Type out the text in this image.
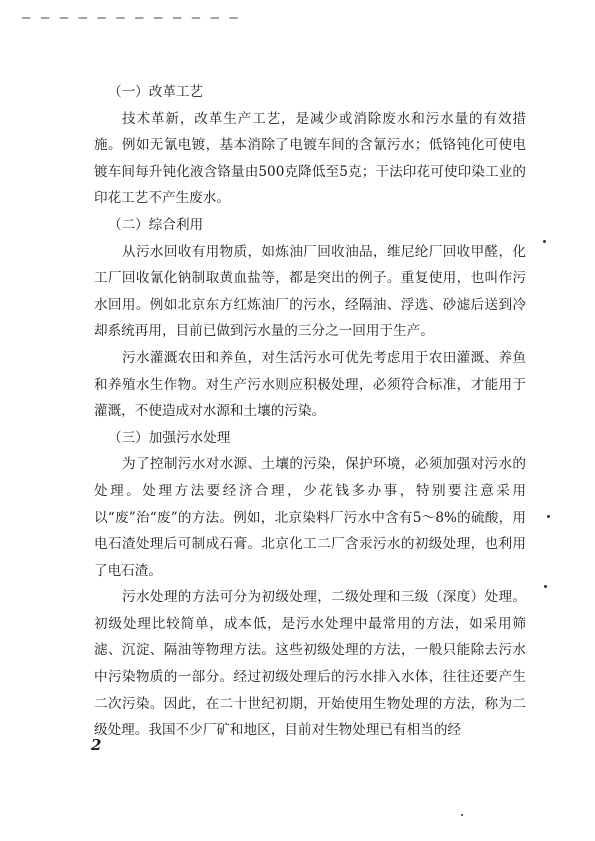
— — — — — — — — — — — —

（一）改革工艺

技术革新，改革生产工艺，是减少或消除废水和污水量的有效措施。例如无氰电镀，基本消除了电镀车间的含氰污水；低铬钝化可使电镀车间每升钝化液含铬量由500克降低至5克；干法印花可使印染工业的印花工艺不产生废水。

（二）综合利用

从污水回收有用物质，如炼油厂回收油品，维尼纶厂回收甲醛，化工厂回收氰化钠制取黄血盐等，都是突出的例子。重复使用，也叫作污水回用。例如北京东方红炼油厂的污水，经隔油、浮选、砂滤后送到冷却系统再用，目前已做到污水量的三分之一回用于生产。

污水灌溉农田和养鱼，对生活污水可优先考虑用于农田灌溉、养鱼和养殖水生作物。对生产污水则应积极处理，必须符合标准，才能用于灌溉，不使造成对水源和土壤的污染。

（三）加强污水处理

为了控制污水对水源、土壤的污染，保护环境，必须加强对污水的处理。处理方法要经济合理，少花钱多办事，特别要注意采用以“废”治“废”的方法。例如，北京染料厂污水中含有5～8%的硫酸，用电石渣处理后可制成石膏。北京化工二厂含汞污水的初级处理，也利用了电石渣。

污水处理的方法可分为初级处理，二级处理和三级（深度）处理。初级处理比较简单，成本低，是污水处理中最常用的方法，如采用筛滤、沉淀、隔油等物理方法。这些初级处理的方法，一般只能除去污水中污染物质的一部分。经过初级处理后的污水排入水体，往往还要产生二次污染。因此，在二十世纪初期，开始使用生物处理的方法，称为二级处理。我国不少厂矿和地区，目前对生物处理已有相当的经

2
